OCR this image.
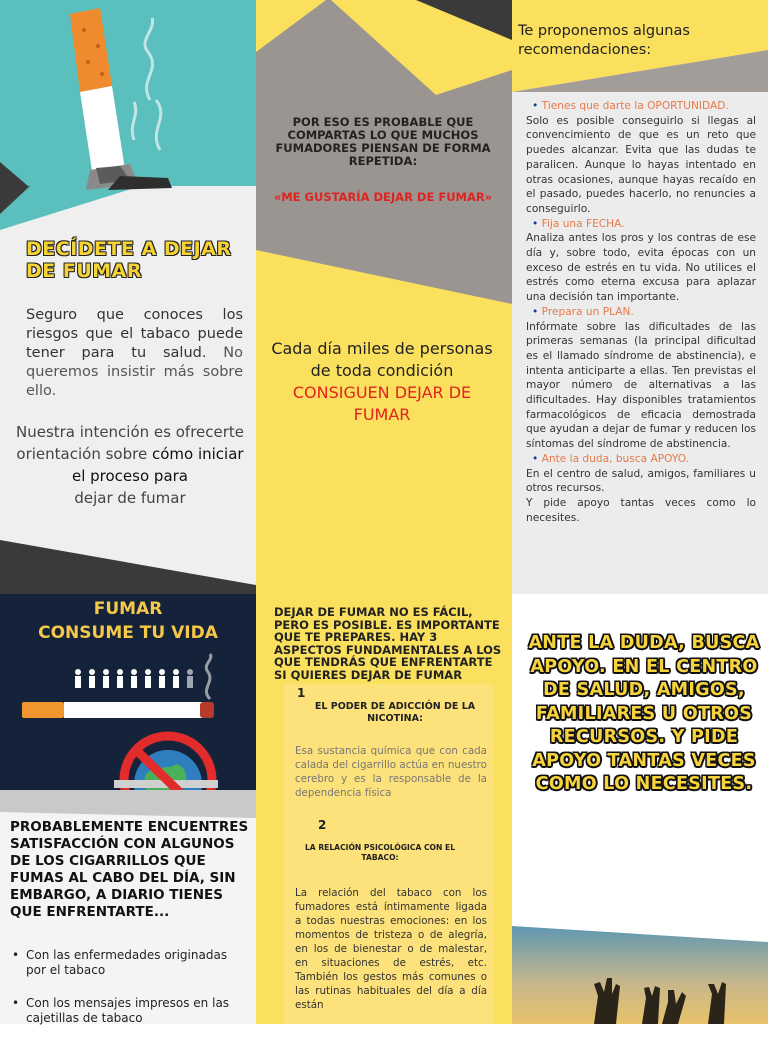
DECÍDETE A DEJAR DE FUMAR
Seguro que conoces los riesgos que el tabaco puede tener para tu salud. No queremos insistir más sobre ello.
Nuestra intención es ofrecerte orientación sobre cómo iniciar el proceso para
dejar de fumar
POR ESO ES PROBABLE QUE COMPARTAS LO QUE MUCHOS FUMADORES PIENSAN DE FORMA REPETIDA:
«ME GUSTARÍA DEJAR DE FUMAR»
Cada día miles de personas de toda condición
CONSIGUEN DEJAR DE FUMAR
Te proponemos algunas recomendaciones:

• Tienes que darte la OPORTUNIDAD.

Solo es posible conseguirlo si llegas al convencimiento de que es un reto que puedes alcanzar. Evita que las dudas te paralicen. Aunque lo hayas intentado en otras ocasiones, aunque hayas recaído en el pasado, puedes hacerlo, no renuncies a conseguirlo.

• Fija una FECHA.

Analiza antes los pros y los contras de ese día y, sobre todo, evita épocas con un exceso de estrés en tu vida. No utilices el estrés como eterna excusa para aplazar una decisión tan importante.

• Prepara un PLAN.

Infórmate sobre las dificultades de las primeras semanas (la principal dificultad es el llamado síndrome de abstinencia), e intenta anticiparte a ellas. Ten previstas el mayor número de alternativas a las dificultades. Hay disponibles tratamientos farmacológicos de eficacia demostrada que ayudan a dejar de fumar y reducen los síntomas del síndrome de abstinencia.

• Ante la duda, busca APOYO.

En el centro de salud, amigos, familiares u otros recursos.
Y pide apoyo tantas veces como lo necesites.

FUMAR
CONSUME TU VIDA
PROBABLEMENTE ENCUENTRES SATISFACCIÓN CON ALGUNOS DE LOS CIGARRILLOS QUE FUMAS AL CABO DEL DÍA, SIN EMBARGO, A DIARIO TIENES QUE ENFRENTARTE...
• Con las enfermedades originadas por el tabaco
• Con los mensajes impresos en las cajetillas de tabaco
DEJAR DE FUMAR NO ES FÁCIL, PERO ES POSIBLE. ES IMPORTANTE QUE TE PREPARES. HAY 3 ASPECTOS FUNDAMENTALES A LOS QUE TENDRÁS QUE ENFRENTARTE SI QUIERES DEJAR DE FUMAR
1
EL PODER DE ADICCIÓN DE LA NICOTINA:
Esa sustancia química que con cada calada del cigarrillo actúa en nuestro cerebro y es la responsable de la dependencia física
2
LA RELACIÓN PSICOLÓGICA CON EL TABACO:
La relación del tabaco con los fumadores está íntimamente ligada a todas nuestras emociones: en los momentos de tristeza o de alegría, en los de bienestar o de malestar, en situaciones de estrés, etc. También los gestos más comunes o las rutinas habituales del día a día están
ANTE LA DUDA, BUSCA APOYO. EN EL CENTRO DE SALUD, AMIGOS, FAMILIARES U OTROS RECURSOS. Y PIDE APOYO TANTAS VECES COMO LO NECESITES.
